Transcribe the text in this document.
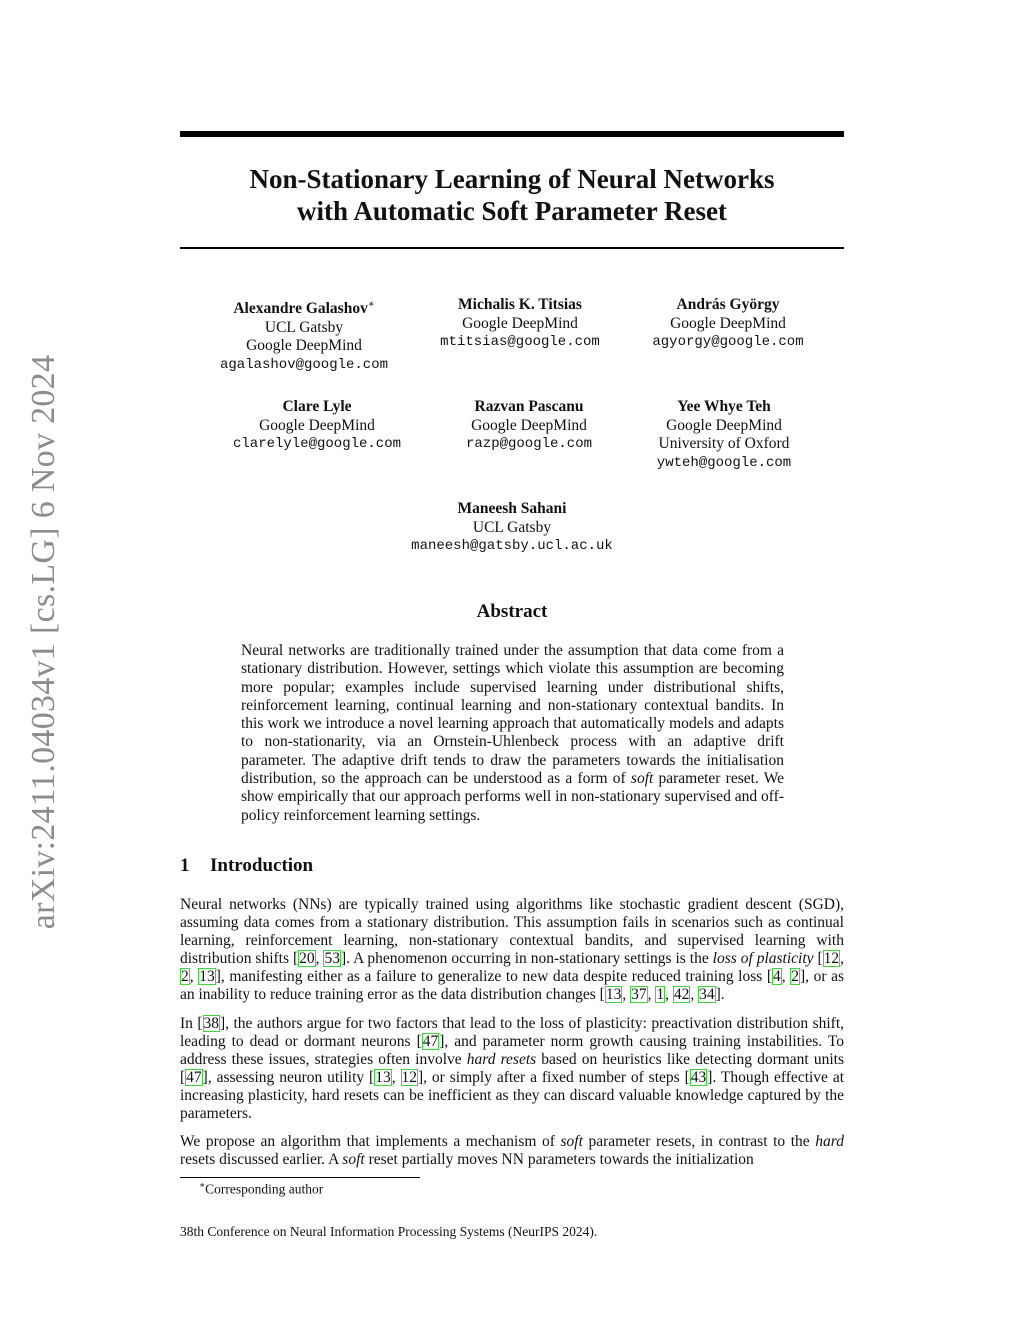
arXiv:2411.04034v1 [cs.LG] 6 Nov 2024
Non-Stationary Learning of Neural Networks
with Automatic Soft Parameter Reset
Alexandre Galashov∗
UCL Gatsby
Google DeepMind
agalashov@google.com
Michalis K. Titsias
Google DeepMind
mtitsias@google.com
András György
Google DeepMind
agyorgy@google.com
Clare Lyle
Google DeepMind
clarelyle@google.com
Razvan Pascanu
Google DeepMind
razp@google.com
Yee Whye Teh
Google DeepMind
University of Oxford
ywteh@google.com
Maneesh Sahani
UCL Gatsby
maneesh@gatsby.ucl.ac.uk
Abstract
Neural networks are traditionally trained under the assumption that data come from a stationary distribution. However, settings which violate this assumption are becoming more popular; examples include supervised learning under distributional shifts, reinforcement learning, continual learning and non-stationary contextual bandits. In this work we introduce a novel learning approach that automatically models and adapts to non-stationarity, via an Ornstein-Uhlenbeck process with an adaptive drift parameter. The adaptive drift tends to draw the parameters towards the initialisation distribution, so the approach can be understood as a form of soft parameter reset. We show empirically that our approach performs well in non-stationary supervised and off-policy reinforcement learning settings.
1 Introduction
Neural networks (NNs) are typically trained using algorithms like stochastic gradient descent (SGD), assuming data comes from a stationary distribution. This assumption fails in scenarios such as continual learning, reinforcement learning, non-stationary contextual bandits, and supervised learning with distribution shifts [20, 53]. A phenomenon occurring in non-stationary settings is the loss of plasticity [12, 2, 13], manifesting either as a failure to generalize to new data despite reduced training loss [4, 2], or as an inability to reduce training error as the data distribution changes [13, 37, 1, 42, 34].
In [38], the authors argue for two factors that lead to the loss of plasticity: preactivation distribution shift, leading to dead or dormant neurons [47], and parameter norm growth causing training instabilities. To address these issues, strategies often involve hard resets based on heuristics like detecting dormant units [47], assessing neuron utility [13, 12], or simply after a fixed number of steps [43]. Though effective at increasing plasticity, hard resets can be inefficient as they can discard valuable knowledge captured by the parameters.
We propose an algorithm that implements a mechanism of soft parameter resets, in contrast to the hard resets discussed earlier. A soft reset partially moves NN parameters towards the initialization
∗Corresponding author
38th Conference on Neural Information Processing Systems (NeurIPS 2024).
